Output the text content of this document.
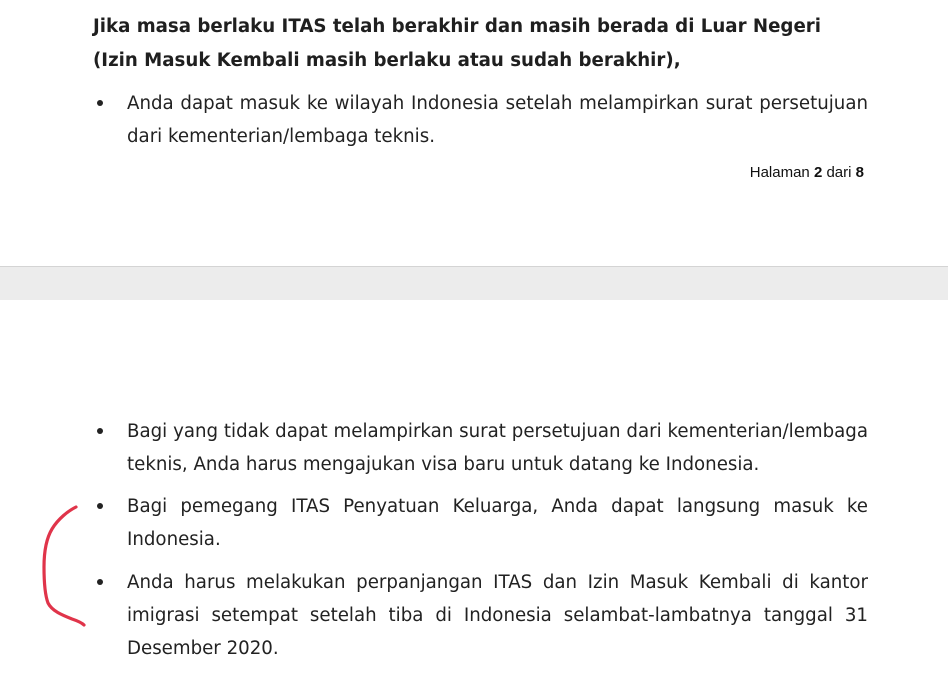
Jika masa berlaku ITAS telah berakhir dan masih berada di Luar Negeri (Izin Masuk Kembali masih berlaku atau sudah berakhir),

Anda dapat masuk ke wilayah Indonesia setelah melampirkan surat persetujuan dari kementerian/lembaga teknis.
Halaman 2 dari 8
Bagi yang tidak dapat melampirkan surat persetujuan dari kementerian/lembaga teknis, Anda harus mengajukan visa baru untuk datang ke Indonesia.
Bagi pemegang ITAS Penyatuan Keluarga, Anda dapat langsung masuk ke Indonesia.
Anda harus melakukan perpanjangan ITAS dan Izin Masuk Kembali di kantor imigrasi setempat setelah tiba di Indonesia selambat-lambatnya tanggal 31 Desember 2020.
